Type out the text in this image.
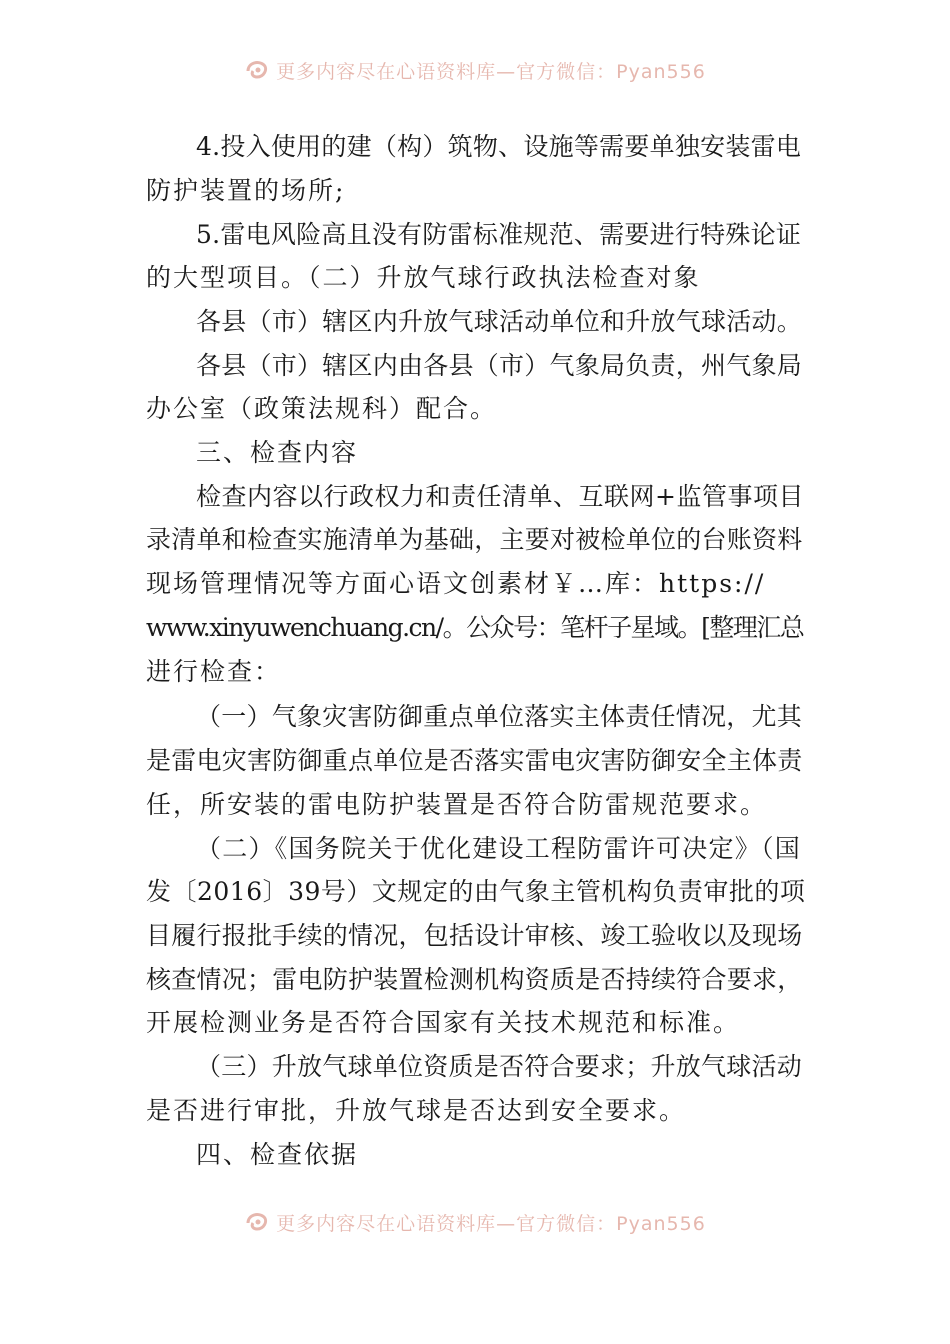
更多内容尽在心语资料库—官方微信：Pyan556
4.投入使用的建（构）筑物、设施等需要单独安装雷电
防护装置的场所;
5.雷电风险高且没有防雷标准规范、需要进行特殊论证
的大型项目。（二）升放气球行政执法检查对象
各县（市）辖区内升放气球活动单位和升放气球活动。
各县（市）辖区内由各县（市）气象局负责，州气象局
办公室（政策法规科）配合。
三、检查内容
检查内容以行政权力和责任清单、互联网+监管事项目
录清单和检查实施清单为基础，主要对被检单位的台账资料
现场管理情况等方面心语文创素材￥…库：https://
www.xinyuwenchuang.cn/。公众号：笔杆子星域。[整理汇总
进行检查：
（一）气象灾害防御重点单位落实主体责任情况，尤其
是雷电灾害防御重点单位是否落实雷电灾害防御安全主体责
任，所安装的雷电防护装置是否符合防雷规范要求。
（二）《国务院关于优化建设工程防雷许可决定》（国
发〔2016〕39号）文规定的由气象主管机构负责审批的项
目履行报批手续的情况，包括设计审核、竣工验收以及现场
核查情况；雷电防护装置检测机构资质是否持续符合要求，
开展检测业务是否符合国家有关技术规范和标准。
（三）升放气球单位资质是否符合要求；升放气球活动
是否进行审批，升放气球是否达到安全要求。
四、检查依据
更多内容尽在心语资料库—官方微信：Pyan556
